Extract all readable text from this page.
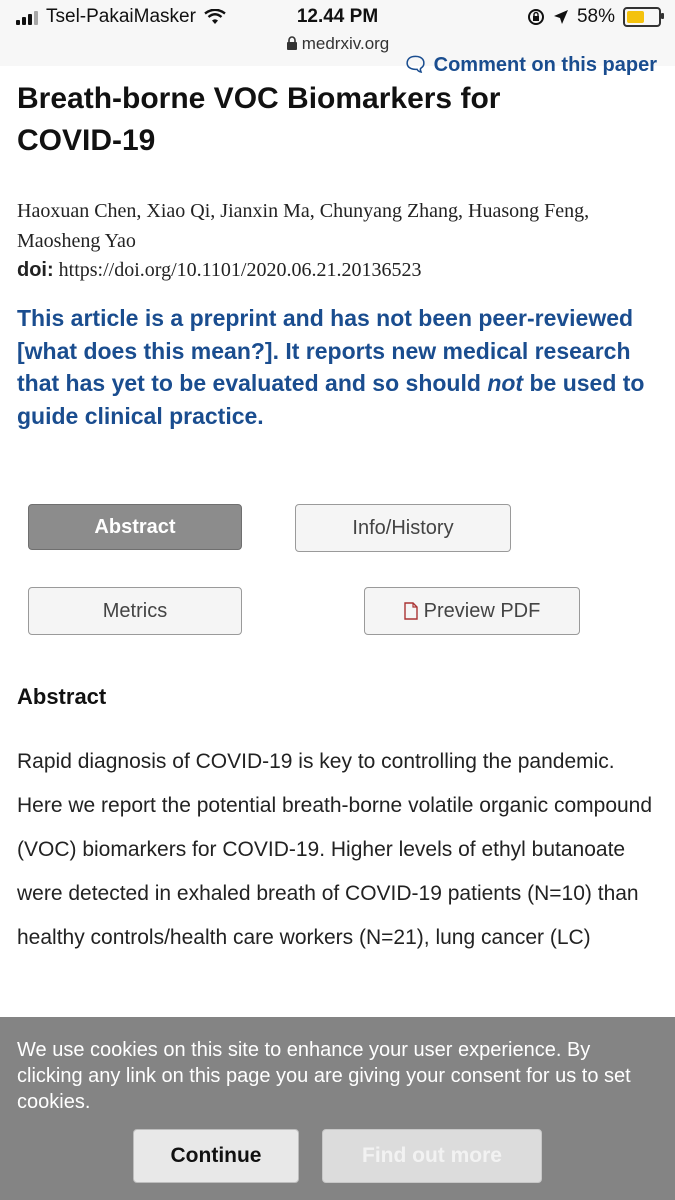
Tsel-PakaiMasker	12.44 PM
medrxiv.org
58%
🗨 Comment on this paper
Breath-borne VOC Biomarkers for COVID-19
Haoxuan Chen, Xiao Qi, Jianxin Ma, Chunyang Zhang, Huasong Feng, Maosheng Yao
doi: https://doi.org/10.1101/2020.06.21.20136523
This article is a preprint and has not been peer-reviewed [what does this mean?]. It reports new medical research that has yet to be evaluated and so should not be used to guide clinical practice.
Abstract	Info/History
Metrics	Preview PDF
Abstract
Rapid diagnosis of COVID-19 is key to controlling the pandemic. Here we report the potential breath-borne volatile organic compound (VOC) biomarkers for COVID-19. Higher levels of ethyl butanoate were detected in exhaled breath of COVID-19 patients (N=10) than healthy controls/health care workers (N=21), lung cancer (LC)
We use cookies on this site to enhance your user experience. By clicking any link on this page you are giving your consent for us to set cookies.
Continue	Find out more
